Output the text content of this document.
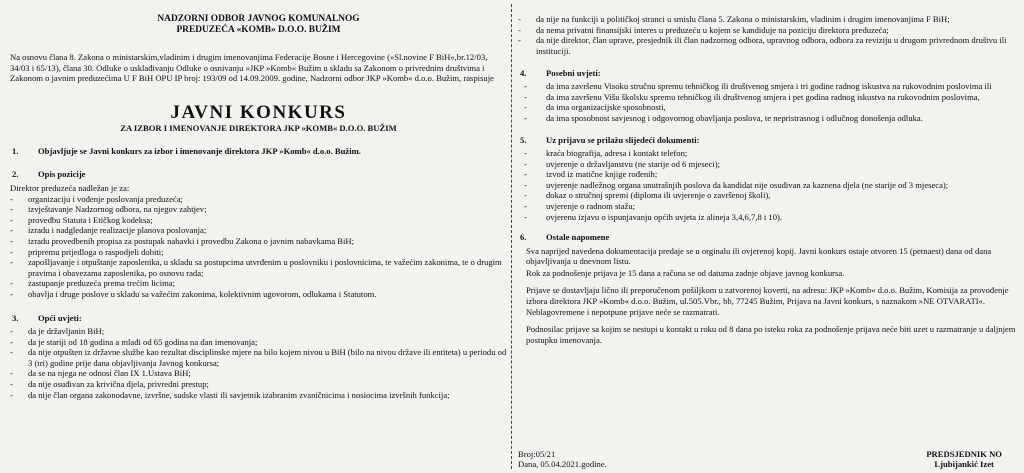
NADZORNI ODBOR JAVNOG KOMUNALNOG
PREDUZEĆA «KOMB» D.O.O. BUŽIM
Na osnovu člana 8. Zakona o ministarskim,vladinim i drugim imenovanjima Federacije Bosne i Hercegovine (»Sl.novine F BiH«,br.12/03, 34/03 i 65/13), člana 30. Odluke o usklađivanju Odluke o osnivanju »JKP »Komb« Bužim u skladu sa Zakonom o privrednim društvima i Zakonom o javnim preduzećima U F BiH OPU IP broj: 193/09 od 14.09.2009. godine, Nadzorni odbor JKP »Komb« d.o.o. Bužim, raspisuje
JAVNI KONKURS
ZA IZBOR I IMENOVANJE DIREKTORA JKP »KOMB« D.O.O. BUŽIM
1.	Objavljuje se Javni konkurs za izbor i imenovanje direktora JKP »Komb« d.o.o. Bužim.
2.	Opis pozicije
Direktor preduzeća nadležan je za:
-	organizaciju i vođenje poslovanja preduzeća;
-	izvještavanje Nadzornog odbora, na njegov zahtjev;
-	provedbu Statuta i Etičkog kodeksa;
-	izradu i nadgledanje realizacije planova poslovanja;
-	izradu provedbenih propisa za postupak nabavki i provedbu Zakona o javnim nabavkama BiH;
-	pripremu prijedloga o raspodjeli dobiti;
-	zapošljavanje i otpuštanje zaposlenika, u skladu sa postupcima utvrđenim u poslovniku i poslovnicima, te važećim zakonima, te o drugim pravima i obavezama zaposlenika, po osnovu rada;
-	zastupanje preduzeća prema trećim licima;
-	obavlja i druge poslove u skladu sa važećim zakonima, kolektivnim ugovorom, odlukama i Statutom.
3.	Opći uvjeti:
-	da je državljanin BiH;
-	da je stariji od 18 godina a mlađi od 65 godina na dan imenovanja;
-	da nije otpušten iz državne službe kao rezultat disciplinske mjere na bilo kojem nivou u BiH (bilo na nivou države ili entiteta) u periodu od 3 (tri) godine prije dana objavljivanja Javnog konkursa;
-	da se na njega ne odnosi član IX 1.Ustava BiH;
-	da nije osuđivan za krivična djela, privredni prestup;
-	da nije član organa zakonodavne, izvršne, sudske vlasti ili savjetnik izabranim zvaničnicima i nosiocima izvršnih funkcija;
-	da nije na funkciji u političkoj stranci u smislu člana 5. Zakona o ministarskim, vladinim i drugim imenovanjima F BiH;
-	da nema privatni finansijski interes u preduzeću u kojem se kandiduje na poziciju direktora preduzeća;
-	da nije direktor, član uprave, presjednik ili član nadzornog odbora, upravnog odbora, odbora za reviziju u drugom privrednom društvu ili instituciji.
4.	Posebni uvjeti:
-	da ima završenu Visoku stručnu spremu tehničkog ili društvenog smjera i tri godine radnog iskustva na rukovodnim poslovima ili
-	da ima završenu Višu školsku spremu tehničkog ili društvenog smjera i pet godina radnog iskustva na rukovodnim poslovima,
-	da ima organizacijske sposobnosti,
-	da ima sposobnost savjesnog i odgovornog obavljanja poslova, te nepristrasnog i odlučnog donošenja odluka.
5.	Uz prijavu se prilažu slijedeći dokumenti:
-	kraća biografija, adresa i kontakt telefon;
-	uvjerenje o državljanstvu (ne starije od 6 mjeseci);
-	izvod iz matične knjige rođenih;
-	uvjerenje nadležnog organa unutrašnjih poslova da kandidat nije osuđivan za kaznena djela (ne starije od 3 mjeseca);
-	dokaz o stručnoj spremi (diploma ili uvjerenje o završenoj školi),
-	uvjerenje o radnom stažu;
-	ovjerenu izjavu o ispunjavanju općih uvjeta iz alineja 3,4,6,7,8 i 10).
6.	Ostale napomene
Sva naprijed navedena dokumentacija predaje se u orginalu ili ovjerenoj kopij. Javni konkurs ostaje otvoren 15 (petnaest) dana od dana objavljivanja u dnevnom listu.
Rok za podnošenje prijava je 15 dana a računa se od datuma zadnje objave javnog konkursa.
Prijave se dostavljaju lično ili preporučenom pošiljkom u zatvorenoj koverti, na adresu: JKP »Komb« d.o.o. Bužim, Komisija za provođenje izbora direktora JKP »Komb« d.o.o. Bužim, ul.505.Vbr., bb, 77245 Bužim, Prijava na Javni konkurs, s naznakom »NE OTVARATI«.
Neblagovremene i nepotpune prijave neće se razmatrati.
Podnosilac prijave sa kojim se nestupi u kontakt u roku od 8 dana po isteku roka za podnošenje prijava neće biti uzet u razmatranje u daljnjem postupku imenovanja.
Broj:05/21
Dana, 05.04.2021.godine.
PREDSJEDNIK NO
Ljubijankić Izet
